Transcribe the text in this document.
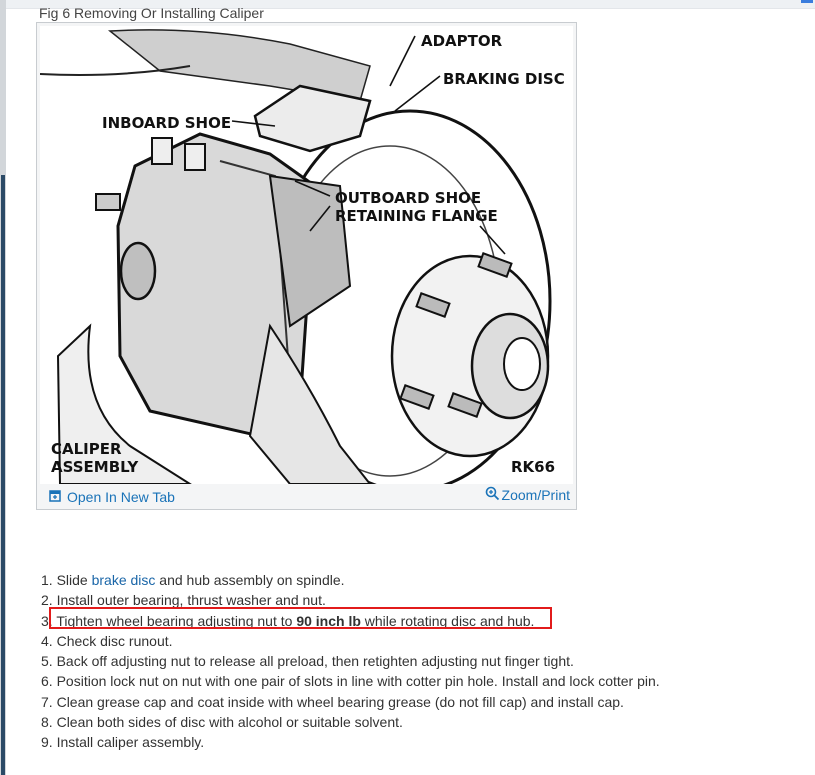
Fig 6 Removing Or Installing Caliper
ADAPTOR
BRAKING DISC
INBOARD SHOE
OUTBOARD SHOE
RETAINING FLANGE
CALIPER
ASSEMBLY	RK66
Open In New Tab	Zoom/Print
1. Slide brake disc and hub assembly on spindle.
2. Install outer bearing, thrust washer and nut.
3. Tighten wheel bearing adjusting nut to 90 inch lb while rotating disc and hub.
4. Check disc runout.
5. Back off adjusting nut to release all preload, then retighten adjusting nut finger tight.
6. Position lock nut on nut with one pair of slots in line with cotter pin hole. Install and lock cotter pin.
7. Clean grease cap and coat inside with wheel bearing grease (do not fill cap) and install cap.
8. Clean both sides of disc with alcohol or suitable solvent.
9. Install caliper assembly.
